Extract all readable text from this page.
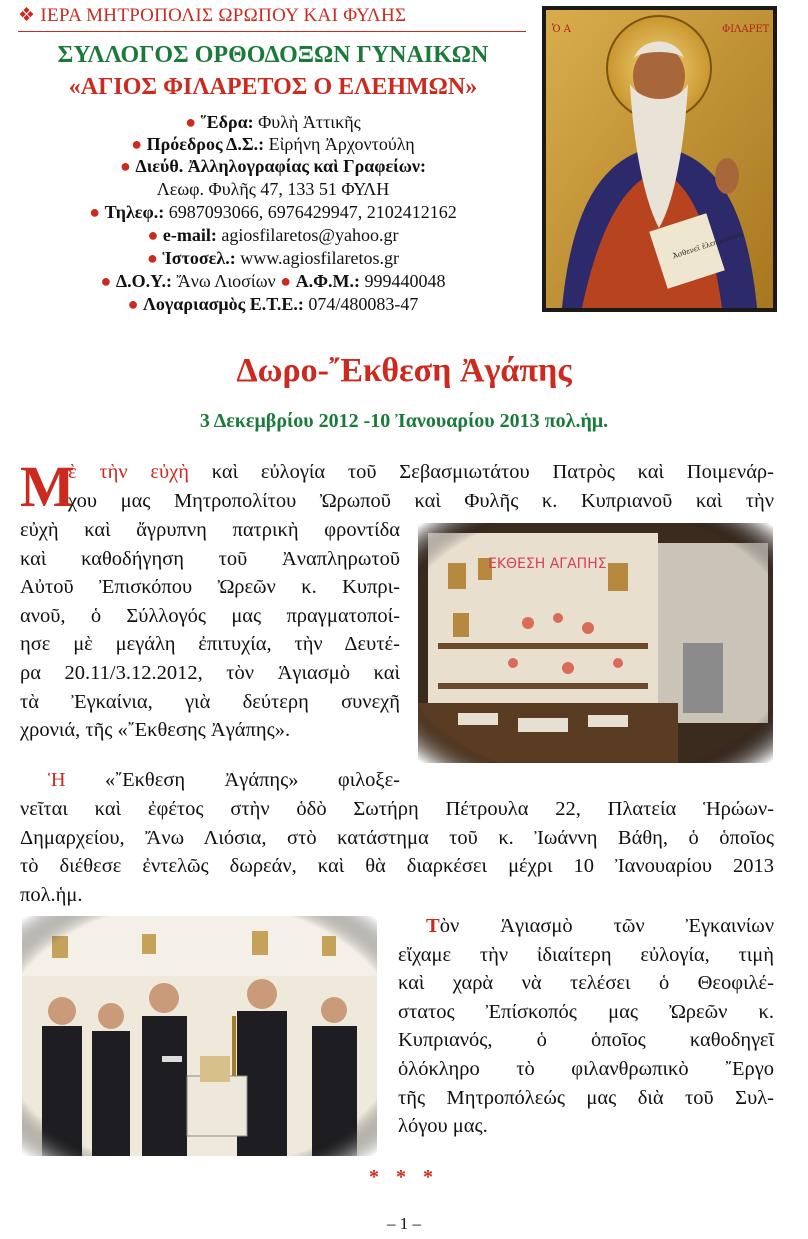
❖ ΙΕΡΑ ΜΗΤΡΟΠΟΛΙΣ ΩΡΩΠΟΥ ΚΑΙ ΦΥΛΗΣ
ΣΥΛΛΟΓΟΣ ΟΡΘΟΔΟΞΩΝ ΓΥΝΑΙΚΩΝ
«ΑΓΙΟΣ ΦΙΛΑΡΕΤΟΣ Ο ΕΛΕΗΜΩΝ»
● ῞Εδρα: Φυλὴ Ἀττικῆς
● Πρόεδρος Δ.Σ.: Εἰρήνη Ἀρχοντούλη
● Διεύθ. Ἀλληλογραφίας καὶ Γραφείων:
Λεωφ. Φυλῆς 47, 133 51 ΦΥΛΗ
● Τηλεφ.: 6987093066, 6976429947, 2102412162
● e-mail: agiosfilaretos@yahoo.gr
● Ἱστοσελ.: www.agiosfilaretos.gr
● Δ.Ο.Υ.: Ἄνω Λιοσίων ● Α.Φ.Μ.: 999440048
● Λογαριασμὸς Ε.Τ.Ε.: 074/480083-47
Ἀσθενεῖ ἐλεημοσύνη
Ὁ Α	ΦΙΛΑΡΕΤ
Δωρο-῎Εκθεση Ἀγάπης
3 Δεκεμβρίου 2012 -10 Ἰανουαρίου 2013 πολ.ἡμ.
Μ
ὲ τὴν εὐχὴ καὶ εὐλογία τοῦ Σεβασμιωτάτου Πατρὸς καὶ Ποιμενάρ-
χου μας Μητροπολίτου Ὠρωποῦ καὶ Φυλῆς κ. Κυπριανοῦ καὶ τὴν
εὐχὴ καὶ ἄγρυπνη πατρικὴ φροντίδα
καὶ καθοδήγηση τοῦ Ἀναπληρωτοῦ
Αὐτοῦ Ἐπισκόπου Ὠρεῶν κ. Κυπρι-
ανοῦ, ὁ Σύλλογός μας πραγματοποί-
ησε μὲ μεγάλη ἐπιτυχία, τὴν Δευτέ-
ρα 20.11/3.12.2012, τὸν Ἁγιασμὸ καὶ
τὰ Ἐγκαίνια, γιὰ δεύτερη συνεχῆ
χρονιά, τῆς «῎Εκθεσης Ἀγάπης».
Ἡ «῎Εκθεση Ἀγάπης» φιλοξε-
νεῖται καὶ ἐφέτος στὴν ὁδὸ Σωτήρη Πέτρουλα 22, Πλατεία Ἡρώων-
Δημαρχείου, Ἄνω Λιόσια, στὸ κατάστημα τοῦ κ. Ἰωάννη Βάθη, ὁ ὁποῖος
τὸ διέθεσε ἐντελῶς δωρεάν, καὶ θὰ διαρκέσει μέχρι 10 Ἰανουαρίου 2013
πολ.ἡμ.
Τὸν Ἁγιασμὸ τῶν Ἐγκαινίων
εἴχαμε τὴν ἰδιαίτερη εὐλογία, τιμὴ
καὶ χαρὰ νὰ τελέσει ὁ Θεοφιλέ-
στατος Ἐπίσκοπός μας Ὠρεῶν κ.
Κυπριανός, ὁ ὁποῖος καθοδηγεῖ
ὁλόκληρο τὸ φιλανθρωπικὸ ῎Εργο
τῆς Μητροπόλεώς μας διὰ τοῦ Συλ-
λόγου μας.
* * *
– 1 –
